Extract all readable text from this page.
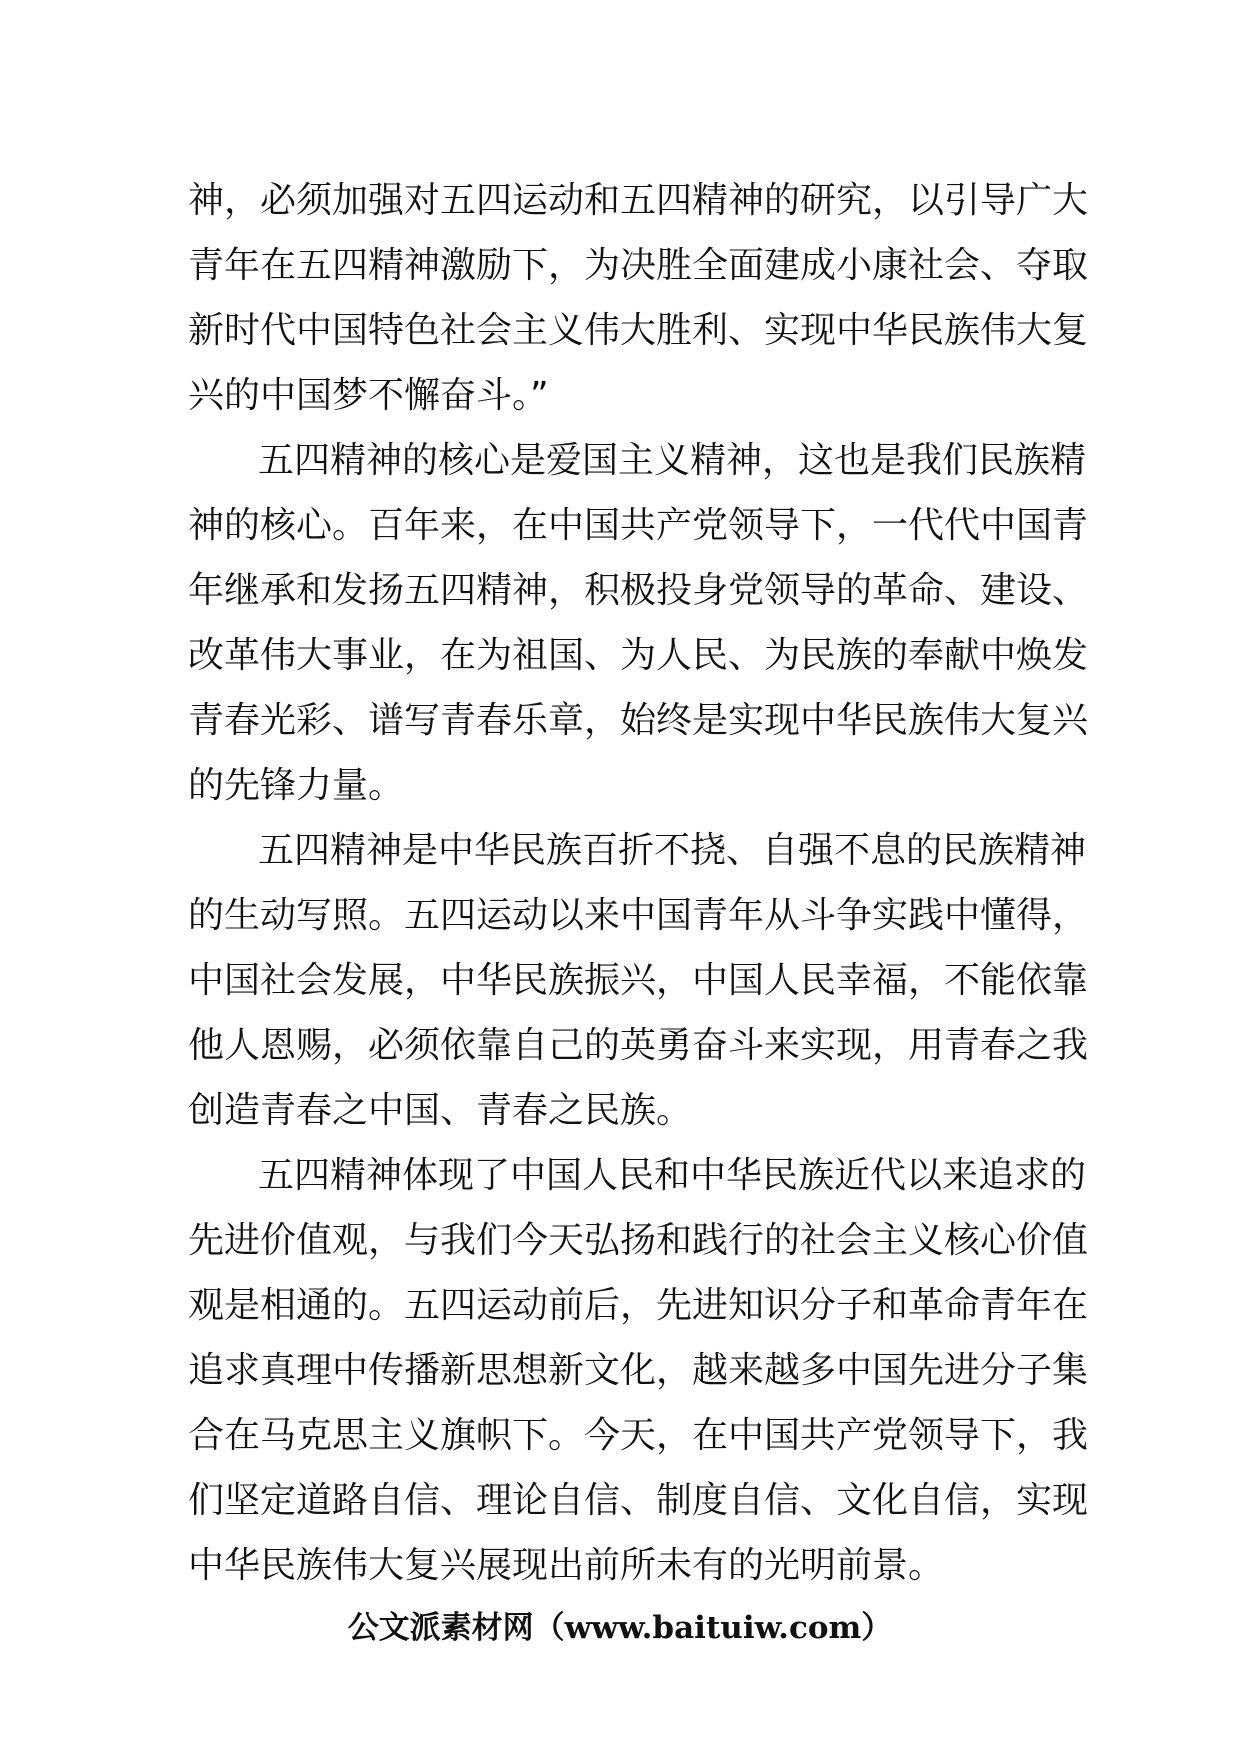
神，必须加强对五四运动和五四精神的研究，以引导广大
青年在五四精神激励下，为决胜全面建成小康社会、夺取
新时代中国特色社会主义伟大胜利、实现中华民族伟大复
兴的中国梦不懈奋斗。”
五四精神的核心是爱国主义精神，这也是我们民族精
神的核心。百年来，在中国共产党领导下，一代代中国青
年继承和发扬五四精神，积极投身党领导的革命、建设、
改革伟大事业，在为祖国、为人民、为民族的奉献中焕发
青春光彩、谱写青春乐章，始终是实现中华民族伟大复兴
的先锋力量。
五四精神是中华民族百折不挠、自强不息的民族精神
的生动写照。五四运动以来中国青年从斗争实践中懂得，
中国社会发展，中华民族振兴，中国人民幸福，不能依靠
他人恩赐，必须依靠自己的英勇奋斗来实现，用青春之我
创造青春之中国、青春之民族。
五四精神体现了中国人民和中华民族近代以来追求的
先进价值观，与我们今天弘扬和践行的社会主义核心价值
观是相通的。五四运动前后，先进知识分子和革命青年在
追求真理中传播新思想新文化，越来越多中国先进分子集
合在马克思主义旗帜下。今天，在中国共产党领导下，我
们坚定道路自信、理论自信、制度自信、文化自信，实现
中华民族伟大复兴展现出前所未有的光明前景。
公文派素材网（www.baituiw.com）
